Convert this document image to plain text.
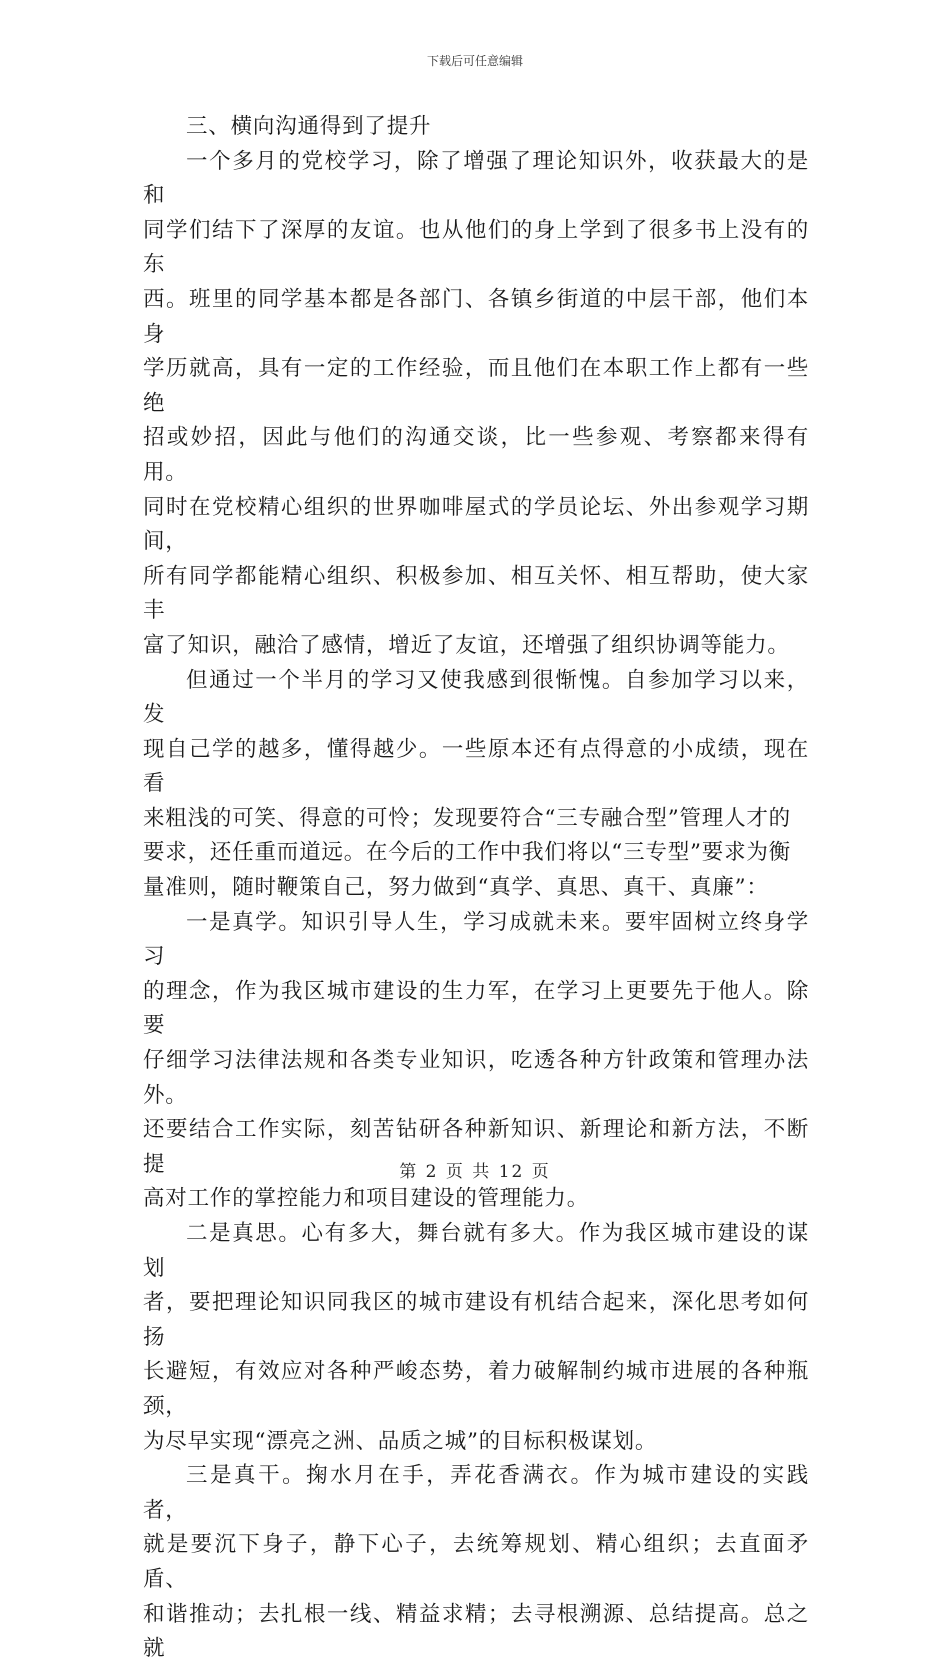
下载后可任意编辑

三、横向沟通得到了提升

一个多月的党校学习，除了增强了理论知识外，收获最大的是和
同学们结下了深厚的友谊。也从他们的身上学到了很多书上没有的东
西。班里的同学基本都是各部门、各镇乡街道的中层干部，他们本身
学历就高，具有一定的工作经验，而且他们在本职工作上都有一些绝
招或妙招，因此与他们的沟通交谈，比一些参观、考察都来得有用。
同时在党校精心组织的世界咖啡屋式的学员论坛、外出参观学习期间，
所有同学都能精心组织、积极参加、相互关怀、相互帮助，使大家丰
富了知识，融洽了感情，增近了友谊，还增强了组织协调等能力。

但通过一个半月的学习又使我感到很惭愧。自参加学习以来，发
现自己学的越多，懂得越少。一些原本还有点得意的小成绩，现在看
来粗浅的可笑、得意的可怜；发现要符合“三专融合型”管理人才的
要求，还任重而道远。在今后的工作中我们将以“三专型”要求为衡
量准则，随时鞭策自己，努力做到“真学、真思、真干、真廉”：

一是真学。知识引导人生，学习成就未来。要牢固树立终身学习
的理念，作为我区城市建设的生力军，在学习上更要先于他人。除要
仔细学习法律法规和各类专业知识，吃透各种方针政策和管理办法外。
还要结合工作实际，刻苦钻研各种新知识、新理论和新方法，不断提
高对工作的掌控能力和项目建设的管理能力。

二是真思。心有多大，舞台就有多大。作为我区城市建设的谋划
者，要把理论知识同我区的城市建设有机结合起来，深化思考如何扬
长避短，有效应对各种严峻态势，着力破解制约城市进展的各种瓶颈，
为尽早实现“漂亮之洲、品质之城”的目标积极谋划。

三是真干。掬水月在手，弄花香满衣。作为城市建设的实践者，
就是要沉下身子，静下心子，去统筹规划、精心组织；去直面矛盾、
和谐推动；去扎根一线、精益求精；去寻根溯源、总结提高。总之就

第 2 页 共 12 页
